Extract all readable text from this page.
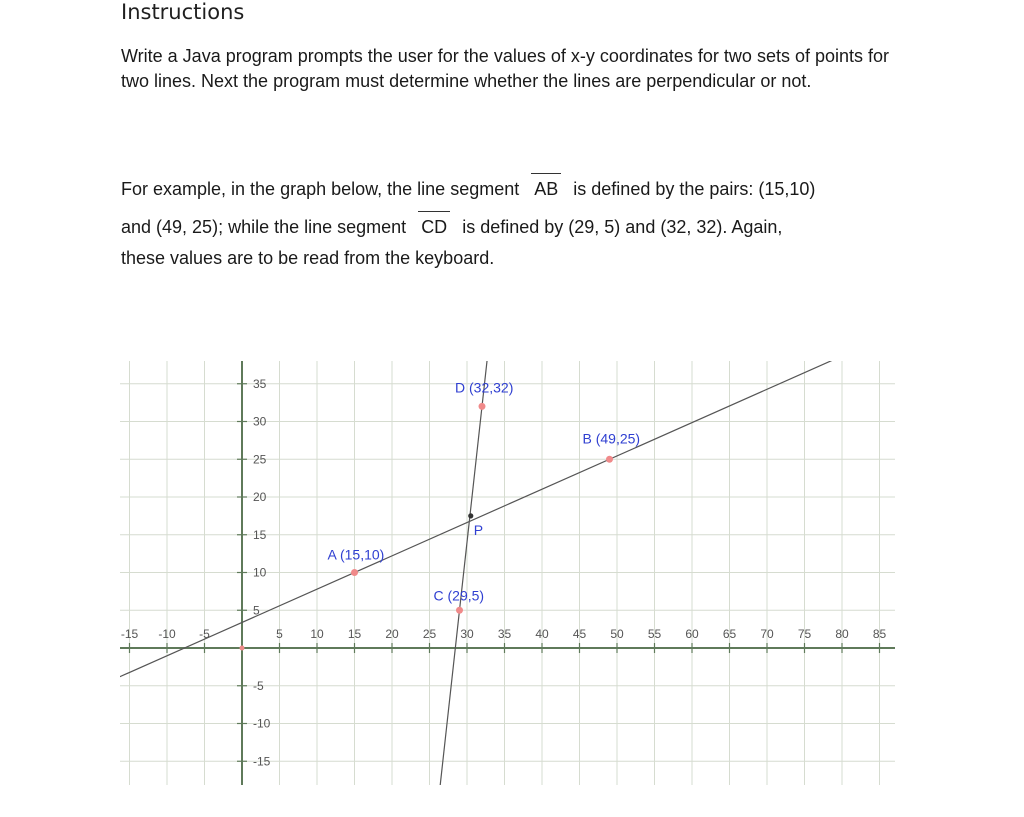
Instructions

Write a Java program prompts the user for the values of x-y coordinates for two sets of points for two lines. Next the program must determine whether the lines are perpendicular or not.

For example, in the graph below, the line segment AB is defined by the pairs: (15,10)
and (49, 25); while the line segment CD is defined by (29, 5) and (32, 32). Again,
these values are to be read from the keyboard.
-15 -10 -5	5 10 15 20 25 30 35 40 45 50 55 60 65 70 75 80 85
35
30
25
20
15
10
5
-5
-10
-15
A (15,10)
B (49,25)
C (29,5)
D (32,32)
P
